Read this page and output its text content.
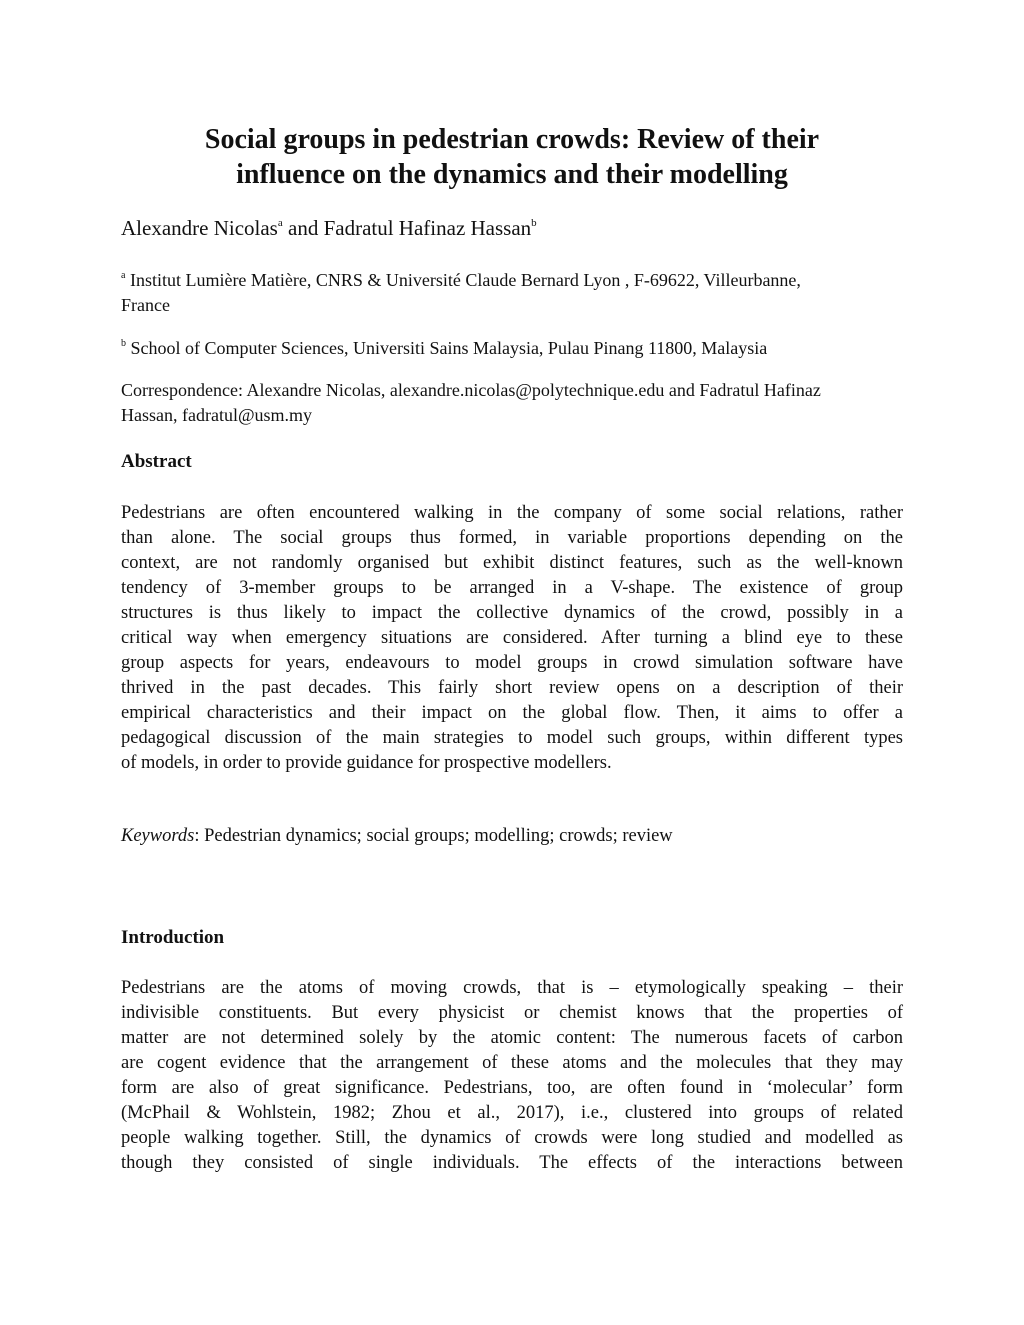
Social groups in pedestrian crowds: Review of their
influence on the dynamics and their modelling
Alexandre Nicolas$^a$ and Fadratul Hafinaz Hassan$^b$
$^a$ Institut Lumière Matière, CNRS & Université Claude Bernard Lyon , F-69622, Villeurbanne,
France
$^b$ School of Computer Sciences, Universiti Sains Malaysia, Pulau Pinang 11800, Malaysia
Correspondence: Alexandre Nicolas, alexandre.nicolas@polytechnique.edu and Fadratul Hafinaz
Hassan, fadratul@usm.my
Abstract
Pedestrians are often encountered walking in the company of some social relations, rather
than alone. The social groups thus formed, in variable proportions depending on the
context, are not randomly organised but exhibit distinct features, such as the well-known
tendency of 3-member groups to be arranged in a V-shape. The existence of group
structures is thus likely to impact the collective dynamics of the crowd, possibly in a
critical way when emergency situations are considered. After turning a blind eye to these
group aspects for years, endeavours to model groups in crowd simulation software have
thrived in the past decades. This fairly short review opens on a description of their
empirical characteristics and their impact on the global flow. Then, it aims to offer a
pedagogical discussion of the main strategies to model such groups, within different types
of models, in order to provide guidance for prospective modellers.
Keywords: Pedestrian dynamics; social groups; modelling; crowds; review
Introduction
Pedestrians are the atoms of moving crowds, that is – etymologically speaking – their
indivisible constituents. But every physicist or chemist knows that the properties of
matter are not determined solely by the atomic content: The numerous facets of carbon
are cogent evidence that the arrangement of these atoms and the molecules that they may
form are also of great significance. Pedestrians, too, are often found in ‘molecular’ form
(McPhail & Wohlstein, 1982; Zhou et al., 2017), i.e., clustered into groups of related
people walking together. Still, the dynamics of crowds were long studied and modelled as
though they consisted of single individuals. The effects of the interactions between
